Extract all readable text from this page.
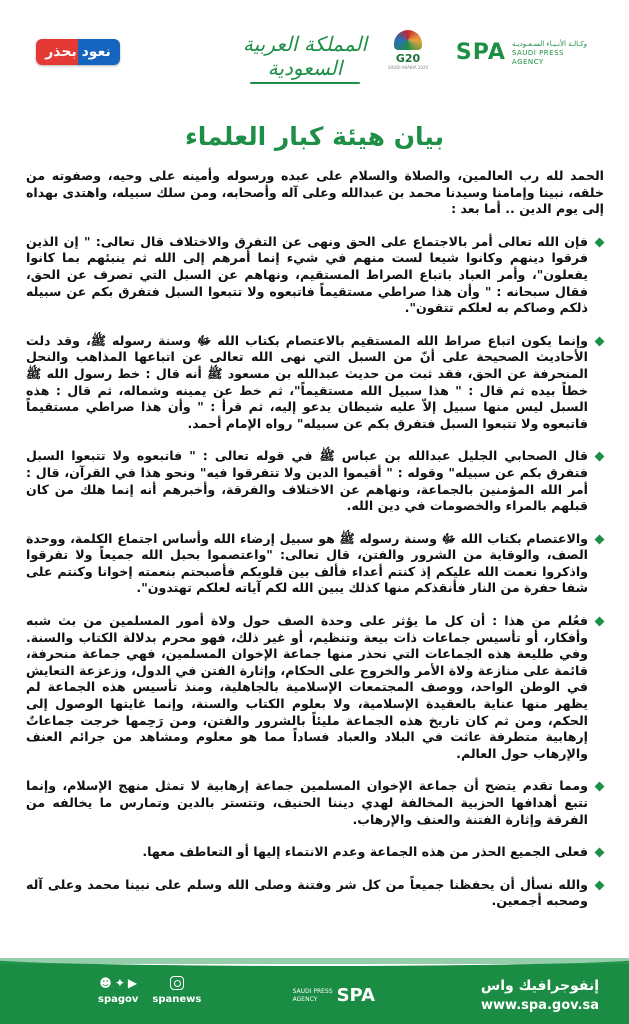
وكـالـة الأنـبـاء السـعـوديـة
SAUDI PRESS
AGENCY
SPA
G20
SAUDI ARABIA 2020
المملكة العربية السعودية
نعود بحذر
بيان هيئة كبار العلماء

الحمد لله رب العالمين، والصلاة والسلام على عبده ورسوله وأمينه على وحيه، وصفوته من خلقه، نبينا وإمامنا وسيدنا محمد بن عبدالله وعلى آله وأصحابه، ومن سلك سبيله، واهتدى بهداه إلى يوم الدين .. أما بعد :

فإن الله تعالى أمر بالاجتماع على الحق ونهى عن التفرق والاختلاف قال تعالى: " إن الذين فرقوا دينهم وكانوا شيعا لست منهم في شيء إنما أمرهم إلى الله ثم ينبئهم بما كانوا يفعلون"، وأمر العباد باتباع الصراط المستقيم، ونهاهم عن السبل التي تصرف عن الحق، فقال سبحانه : " وأن هذا صراطي مستقيماً فاتبعوه ولا تتبعوا السبل فتفرق بكم عن سبيله ذلكم وصاكم به لعلكم تتقون".

وإنما يكون اتباع صراط الله المستقيم بالاعتصام بكتاب الله ﷻ وسنة رسوله ﷺ، وقد دلت الأحاديث الصحيحة على أنّ من السبل التي نهى الله تعالى عن اتباعها المذاهب والنحل المنحرفة عن الحق، فقد ثبت من حديث عبدالله بن مسعود ﷺ أنه قال : خط رسول الله ﷺ خطاً بيده ثم قال : " هذا سبيل الله مستقيماً"، ثم خط عن يمينه وشماله، ثم قال : هذه السبل ليس منها سبيل إلاّ عليه شيطان يدعو إليه، ثم قرأ : " وأن هذا صراطي مستقيماً فاتبعوه ولا تتبعوا السبل فتفرق بكم عن سبيله" رواه الإمام أحمد.

قال الصحابي الجليل عبدالله بن عباس ﷺ في قوله تعالى : " فاتبعوه ولا تتبعوا السبل فتفرق بكم عن سبيله" وقوله : " أقيموا الدين ولا تتفرقوا فيه" ونحو هذا في القرآن، قال : أمر الله المؤمنين بالجماعة، ونهاهم عن الاختلاف والفرقة، وأخبرهم أنه إنما هلك من كان قبلهم بالمراء والخصومات في دين الله.

والاعتصام بكتاب الله ﷻ وسنة رسوله ﷺ هو سبيل إرضاء الله وأساس اجتماع الكلمة، ووحدة الصف، والوقاية من الشرور والفتن، قال تعالى: "واعتصموا بحبل الله جميعاً ولا تفرقوا واذكروا نعمت الله عليكم إذ كنتم أعداء فألف بين قلوبكم فأصبحتم بنعمته إخوانا وكنتم على شفا حفرة من النار فأنقذكم منها كذلك يبين الله لكم آياته لعلكم تهتدون".

فعُلم من هذا : أن كل ما يؤثر على وحدة الصف حول ولاة أمور المسلمين من بث شبه وأفكار، أو تأسيس جماعات ذات بيعة وتنظيم، أو غير ذلك، فهو محرم بدلالة الكتاب والسنة. وفي طليعة هذه الجماعات التي نحذر منها جماعة الإخوان المسلمين، فهي جماعة منحرفة، قائمة على منازعة ولاة الأمر والخروج على الحكام، وإثارة الفتن في الدول، وزعزعة التعايش في الوطن الواحد، ووصف المجتمعات الإسلامية بالجاهلية، ومنذ تأسيس هذه الجماعة لم يظهر منها عناية بالعقيدة الإسلامية، ولا بعلوم الكتاب والسنة، وإنما غايتها الوصول إلى الحكم، ومن ثم كان تاريخ هذه الجماعة مليئاً بالشرور والفتن، ومن رَحِمها خرجت جماعاتٌ إرهابية متطرفة عاثت في البلاد والعباد فساداً مما هو معلوم ومشاهد من جرائم العنف والإرهاب حول العالم.

ومما تقدم يتضح أن جماعة الإخوان المسلمين جماعة إرهابية لا تمثل منهج الإسلام، وإنما تتبع أهدافها الحزبية المخالفة لهدي ديننا الحنيف، وتتستر بالدين وتمارس ما يخالفه من الفرقة وإثارة الفتنة والعنف والإرهاب.

فعلى الجميع الحذر من هذه الجماعة وعدم الانتماء إليها أو التعاطف معها.

والله نسأل أن يحفظنا جميعاً من كل شر وفتنة وصلى الله وسلم على نبينا محمد وعلى آله وصحبه أجمعين.

إنفوجرافيك واس
www.spa.gov.sa
SPA
SAUDI PRESS
AGENCY
☻ ✦ ▶
spagov spanews
